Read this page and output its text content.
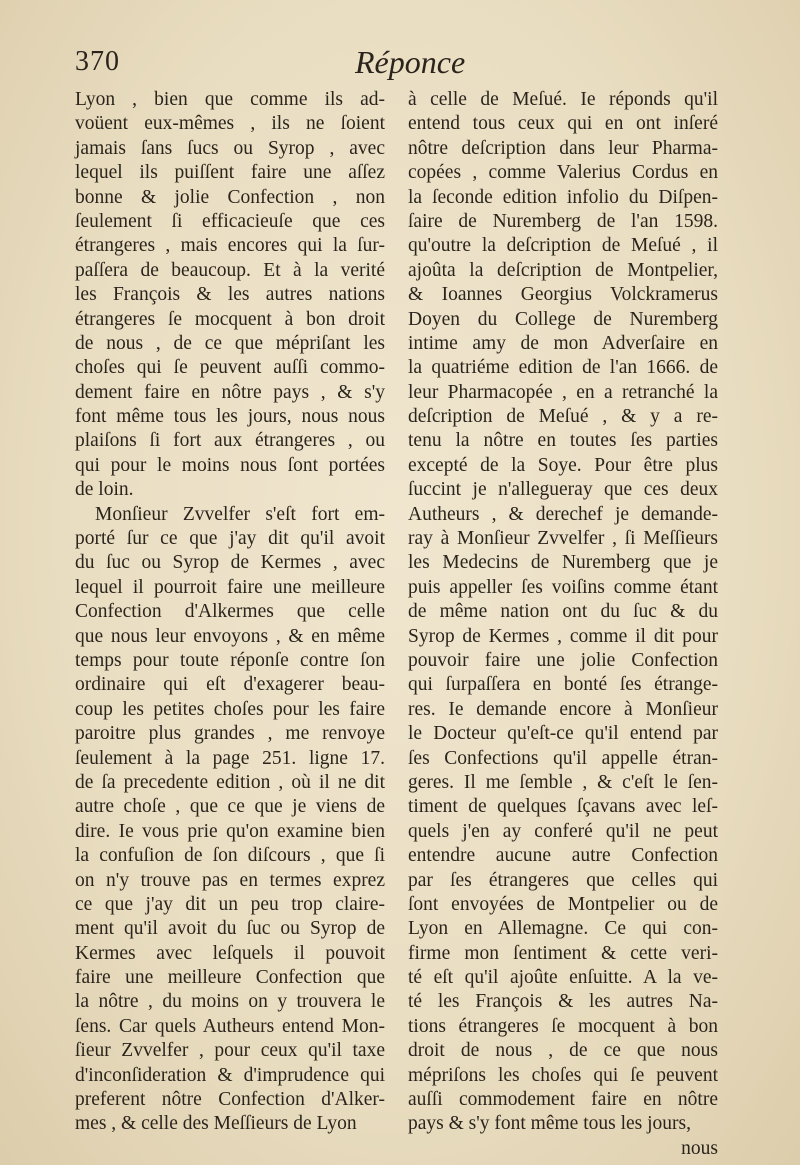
370	Réponce
Lyon , bien que comme ils ad-
voüent eux-mêmes , ils ne ſoient
jamais ſans ſucs ou Syrop , avec
lequel ils puiſſent faire une aſſez
bonne & jolie Confection , non
ſeulement ſi efficacieuſe que ces
étrangeres , mais encores qui la ſur-
paſſera de beaucoup. Et à la verité
les François & les autres nations
étrangeres ſe mocquent à bon droit
de nous , de ce que mépriſant les
choſes qui ſe peuvent auſſi commo-
dement faire en nôtre pays , & s'y
font même tous les jours, nous nous
plaiſons ſi fort aux étrangeres , ou
qui pour le moins nous ſont portées
de loin.
Monſieur Zvvelfer s'eſt fort em-
porté ſur ce que j'ay dit qu'il avoit
du ſuc ou Syrop de Kermes , avec
lequel il pourroit faire une meilleure
Confection d'Alkermes que celle
que nous leur envoyons , & en même
temps pour toute réponſe contre ſon
ordinaire qui eſt d'exagerer beau-
coup les petites choſes pour les faire
paroitre plus grandes , me renvoye
ſeulement à la page 251. ligne 17.
de ſa precedente edition , où il ne dit
autre choſe , que ce que je viens de
dire. Ie vous prie qu'on examine bien
la confuſion de ſon diſcours , que ſi
on n'y trouve pas en termes exprez
ce que j'ay dit un peu trop claire-
ment qu'il avoit du ſuc ou Syrop de
Kermes avec leſquels il pouvoit
faire une meilleure Confection que
la nôtre , du moins on y trouvera le
ſens. Car quels Autheurs entend Mon-
ſieur Zvvelfer , pour ceux qu'il taxe
d'inconſideration & d'imprudence qui
preferent nôtre Confection d'Alker-
mes , & celle des Meſſieurs de Lyon
à celle de Meſué. Ie réponds qu'il
entend tous ceux qui en ont inſeré
nôtre deſcription dans leur Pharma-
copées , comme Valerius Cordus en
la ſeconde edition infolio du Diſpen-
ſaire de Nuremberg de l'an 1598.
qu'outre la deſcription de Meſué , il
ajoûta la deſcription de Montpelier,
& Ioannes Georgius Volckramerus
Doyen du College de Nuremberg
intime amy de mon Adverſaire en
la quatriéme edition de l'an 1666. de
leur Pharmacopée , en a retranché la
deſcription de Meſué , & y a re-
tenu la nôtre en toutes ſes parties
excepté de la Soye. Pour être plus
ſuccint je n'allegueray que ces deux
Autheurs , & derechef je demande-
ray à Monſieur Zvvelfer , ſi Meſſieurs
les Medecins de Nuremberg que je
puis appeller ſes voiſins comme étant
de même nation ont du ſuc & du
Syrop de Kermes , comme il dit pour
pouvoir faire une jolie Confection
qui ſurpaſſera en bonté ſes étrange-
res. Ie demande encore à Monſieur
le Docteur qu'eſt-ce qu'il entend par
ſes Confections qu'il appelle étran-
geres. Il me ſemble , & c'eſt le ſen-
timent de quelques ſçavans avec leſ-
quels j'en ay conferé qu'il ne peut
entendre aucune autre Confection
par ſes étrangeres que celles qui
ſont envoyées de Montpelier ou de
Lyon en Allemagne. Ce qui con-
firme mon ſentiment & cette veri-
té eſt qu'il ajoûte enſuitte. A la ve-
té les François & les autres Na-
tions étrangeres ſe mocquent à bon
droit de nous , de ce que nous
mépriſons les choſes qui ſe peuvent
auſſi commodement faire en nôtre
pays & s'y font même tous les jours,
nous
